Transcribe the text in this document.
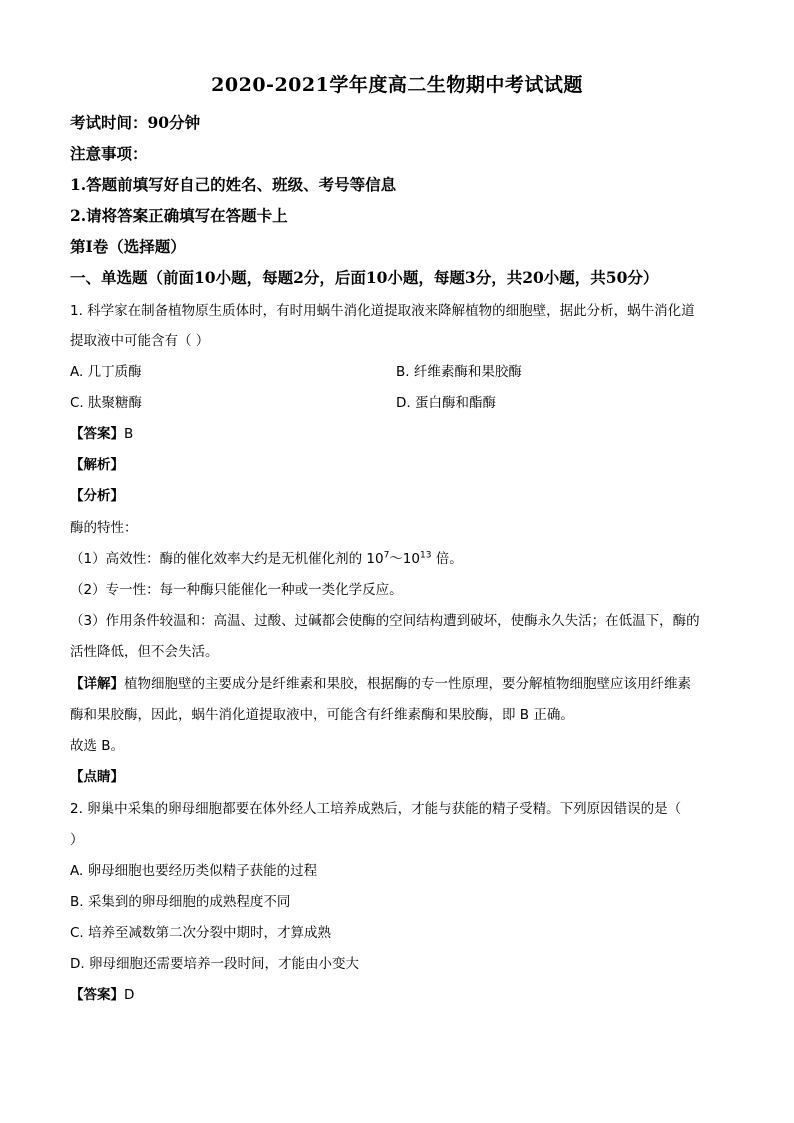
2020-2021学年度高二生物期中考试试题
考试时间：90分钟
注意事项：
1.答题前填写好自己的姓名、班级、考号等信息
2.请将答案正确填写在答题卡上
第I卷（选择题）
一、单选题（前面10小题，每题2分，后面10小题，每题3分，共20小题，共50分）
1. 科学家在制备植物原生质体时，有时用蜗牛消化道提取液来降解植物的细胞壁，据此分析，蜗牛消化道
提取液中可能含有（ ）
A. 几丁质酶	B. 纤维素酶和果胶酶
C. 肽聚糖酶	D. 蛋白酶和酯酶
【答案】B
【解析】
【分析】
酶的特性：
（1）高效性：酶的催化效率大约是无机催化剂的 $10^7\sim 10^{13}$ 倍。
（2）专一性：每一种酶只能催化一种或一类化学反应。
（3）作用条件较温和：高温、过酸、过碱都会使酶的空间结构遭到破坏，使酶永久失活；在低温下，酶的
活性降低，但不会失活。
【详解】植物细胞壁的主要成分是纤维素和果胶，根据酶的专一性原理，要分解植物细胞壁应该用纤维素
酶和果胶酶，因此，蜗牛消化道提取液中，可能含有纤维素酶和果胶酶，即 B 正确。
故选 B。
【点睛】
2. 卵巢中采集的卵母细胞都要在体外经人工培养成熟后，才能与获能的精子受精。下列原因错误的是（
）
A. 卵母细胞也要经历类似精子获能的过程
B. 采集到的卵母细胞的成熟程度不同
C. 培养至减数第二次分裂中期时，才算成熟
D. 卵母细胞还需要培养一段时间，才能由小变大
【答案】D
